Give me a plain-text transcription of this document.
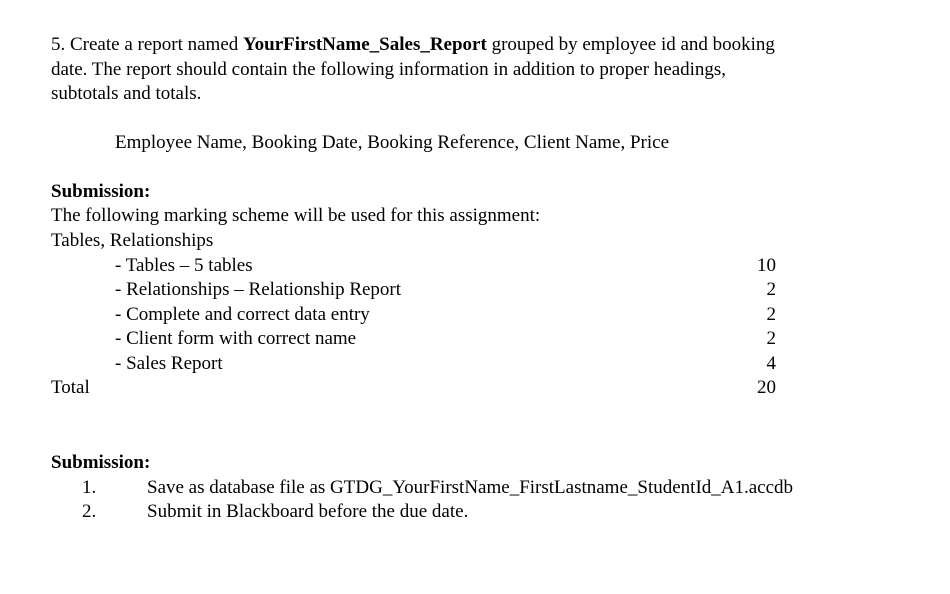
5. Create a report named YourFirstName_Sales_Report grouped by employee id and booking
date. The report should contain the following information in addition to proper headings,
subtotals and totals.
Employee Name, Booking Date, Booking Reference, Client Name, Price
Submission:
The following marking scheme will be used for this assignment:
Tables, Relationships
- Tables – 5 tables	10
- Relationships – Relationship Report	2
- Complete and correct data entry	2
- Client form with correct name	2
- Sales Report	4
Total	20
Submission:
1.	Save as database file as GTDG_YourFirstName_FirstLastname_StudentId_A1.accdb
2.	Submit in Blackboard before the due date.
